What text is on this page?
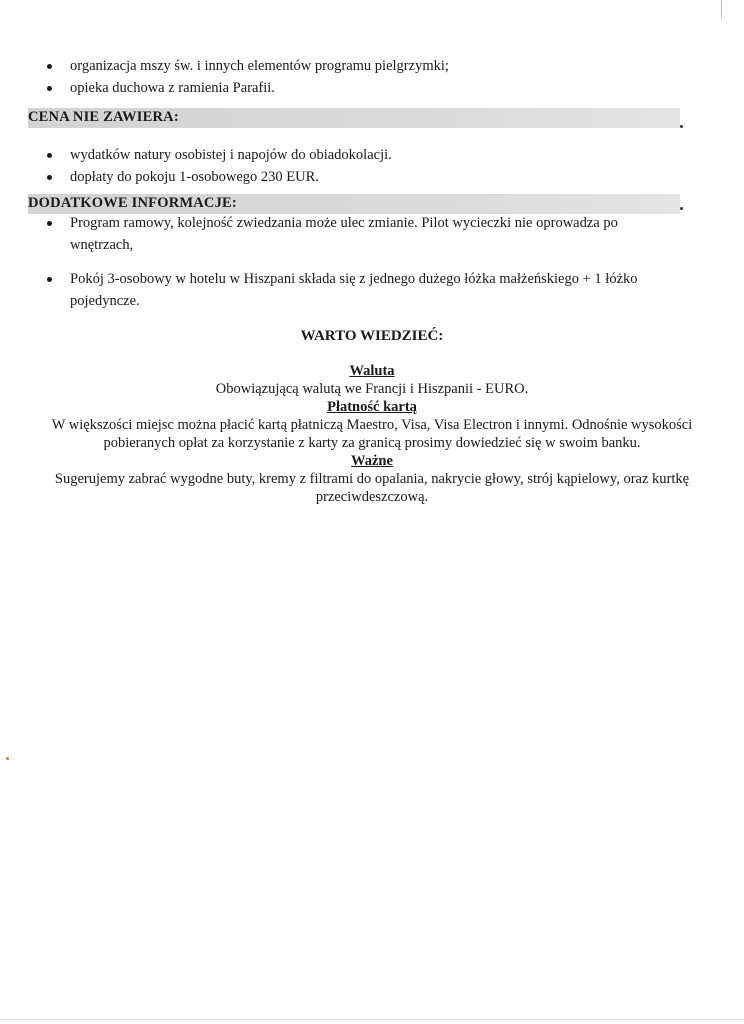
organizacja mszy św. i innych elementów programu pielgrzymki;
opieka duchowa z ramienia Parafii.
CENA NIE ZAWIERA:
wydatków natury osobistej i napojów do obiadokolacji.
dopłaty do pokoju 1-osobowego 230 EUR.
DODATKOWE INFORMACJE:
Program ramowy, kolejność zwiedzania może ulec zmianie. Pilot wycieczki nie oprowadza po wnętrzach,
Pokój 3-osobowy w hotelu w Hiszpani składa się z jednego dużego łóżka małżeńskiego + 1 łóżko pojedyncze.
WARTO WIEDZIEĆ:
Waluta
Obowiązującą walutą we Francji i Hiszpanii - EURO.
Płatność kartą
W większości miejsc można płacić kartą płatniczą Maestro, Visa, Visa Electron i innymi. Odnośnie wysokości
pobieranych opłat za korzystanie z karty za granicą prosimy dowiedzieć się w swoim banku.
Ważne
Sugerujemy zabrać wygodne buty, kremy z filtrami do opalania, nakrycie głowy, strój kąpielowy, oraz kurtkę
przeciwdeszczową.
